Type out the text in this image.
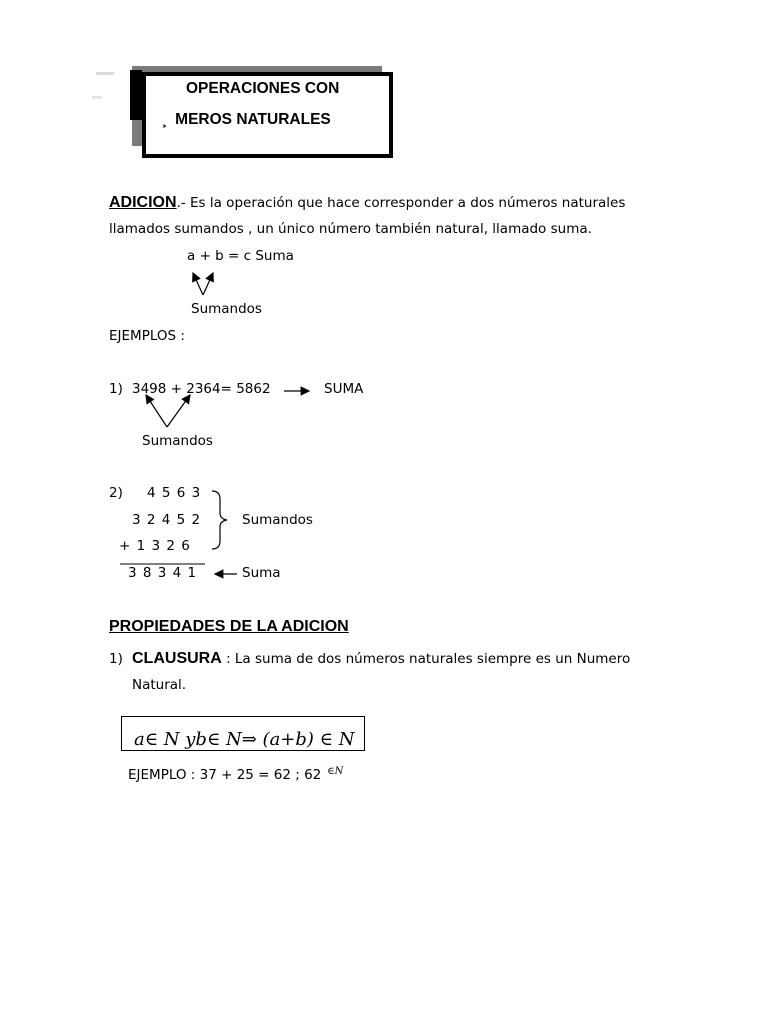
OPERACIONES CON
¸ MEROS NATURALES
ADICION.- Es la operación que hace corresponder a dos números naturales
llamados sumandos , un único número también natural, llamado suma.
a + b = c Suma
Sumandos
EJEMPLOS :
1) 3498 + 2364= 5862	SUMA
Sumandos
2) 4 5 6 3
3 2 4 5 2
+ 1 3 2 6
3 8 3 4 1
Sumandos
Suma
PROPIEDADES DE LA ADICION
1) CLAUSURA : La suma de dos números naturales siempre es un Numero
Natural.
a∈ N yb∈ N⇒ (a+b) ∈ N
EJEMPLO : 37 + 25 = 62 ; 62 $^{\in N}$
